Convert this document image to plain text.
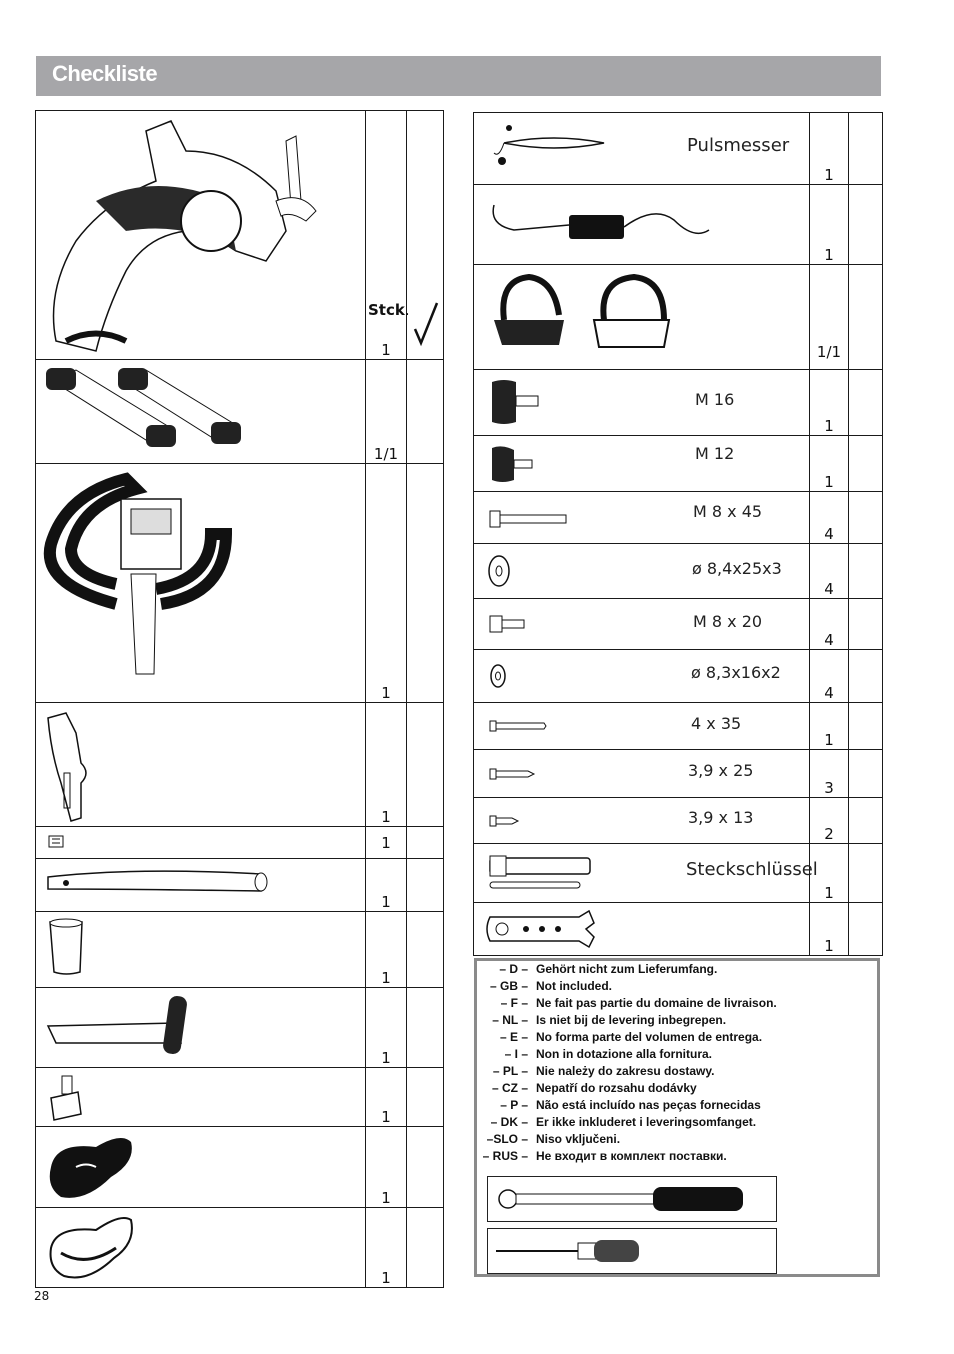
Checkliste

Stck.
1	

	1/1	

	1	

	1	

	1	

	1	

	1	

	1	

	1	

	1	

	1	
Pulsmesser	1	

	1	

	1/1	

M 16	1	

M 12	1	

M 8 x 45	4	

ø 8,4x25x3	4	

M 8 x 20	4	

ø 8,3x16x2	4	

4 x 35	1	

3,9 x 25	3	

3,9 x 13	2	

Steckschlüssel	1	

	1	
– D – Gehört nicht zum Lieferumfang.
– GB – Not included.
– F – Ne fait pas partie du domaine de livraison.
– NL – Is niet bij de levering inbegrepen.
– E – No forma parte del volumen de entrega.
– I – Non in dotazione alla fornitura.
– PL – Nie należy do zakresu dostawy.
– CZ – Nepatří do rozsahu dodávky
– P – Não está incluído nas peças fornecidas
– DK – Er ikke inkluderet i leveringsomfanget.
–SLO – Niso vključeni.
– RUS – Не входит в комплект поставки.
28
